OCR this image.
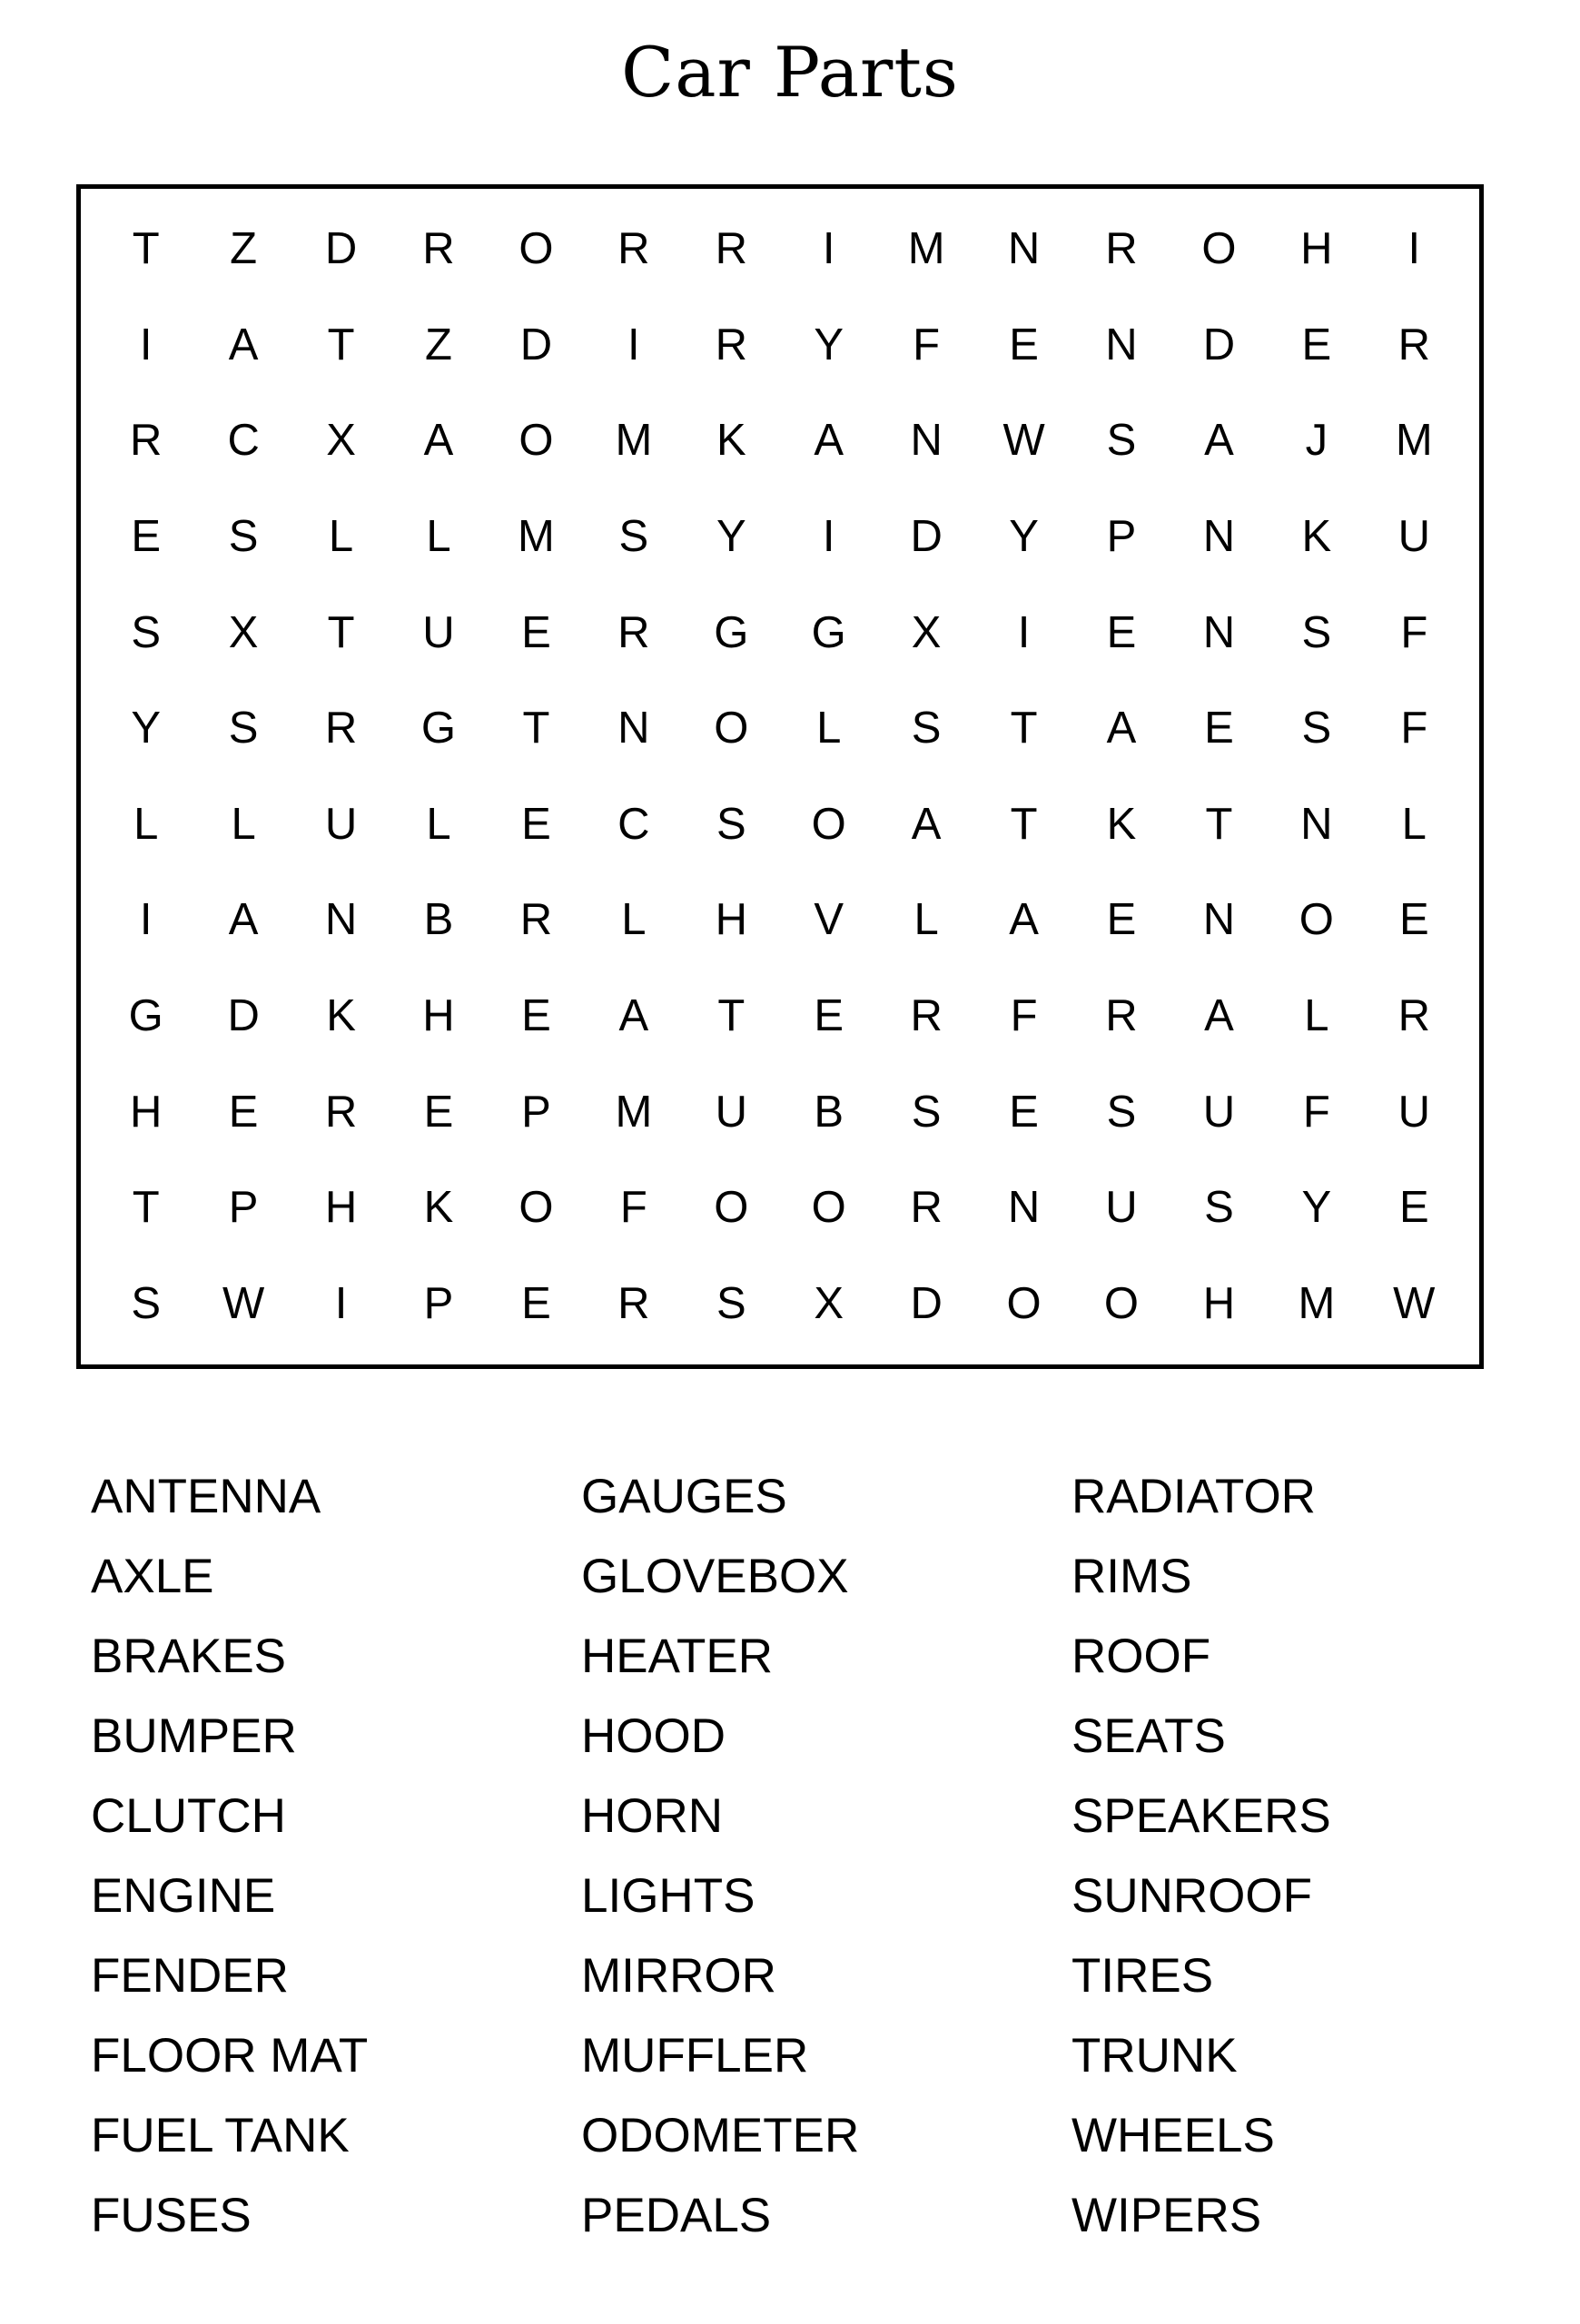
Car Parts
T	Z	D	R	O	R	R	I	M	N	R	O	H	I
I	A	T	Z	D	I	R	Y	F	E	N	D	E	R
R	C	X	A	O	M	K	A	N	W	S	A	J	M
E	S	L	L	M	S	Y	I	D	Y	P	N	K	U
S	X	T	U	E	R	G	G	X	I	E	N	S	F
Y	S	R	G	T	N	O	L	S	T	A	E	S	F
L	L	U	L	E	C	S	O	A	T	K	T	N	L
I	A	N	B	R	L	H	V	L	A	E	N	O	E
G	D	K	H	E	A	T	E	R	F	R	A	L	R
H	E	R	E	P	M	U	B	S	E	S	U	F	U
T	P	H	K	O	F	O	O	R	N	U	S	Y	E
S	W	I	P	E	R	S	X	D	O	O	H	M	W
ANTENNA
AXLE
BRAKES
BUMPER
CLUTCH
ENGINE
FENDER
FLOOR MAT
FUEL TANK
FUSES
GAUGES
GLOVEBOX
HEATER
HOOD
HORN
LIGHTS
MIRROR
MUFFLER
ODOMETER
PEDALS
RADIATOR
RIMS
ROOF
SEATS
SPEAKERS
SUNROOF
TIRES
TRUNK
WHEELS
WIPERS
